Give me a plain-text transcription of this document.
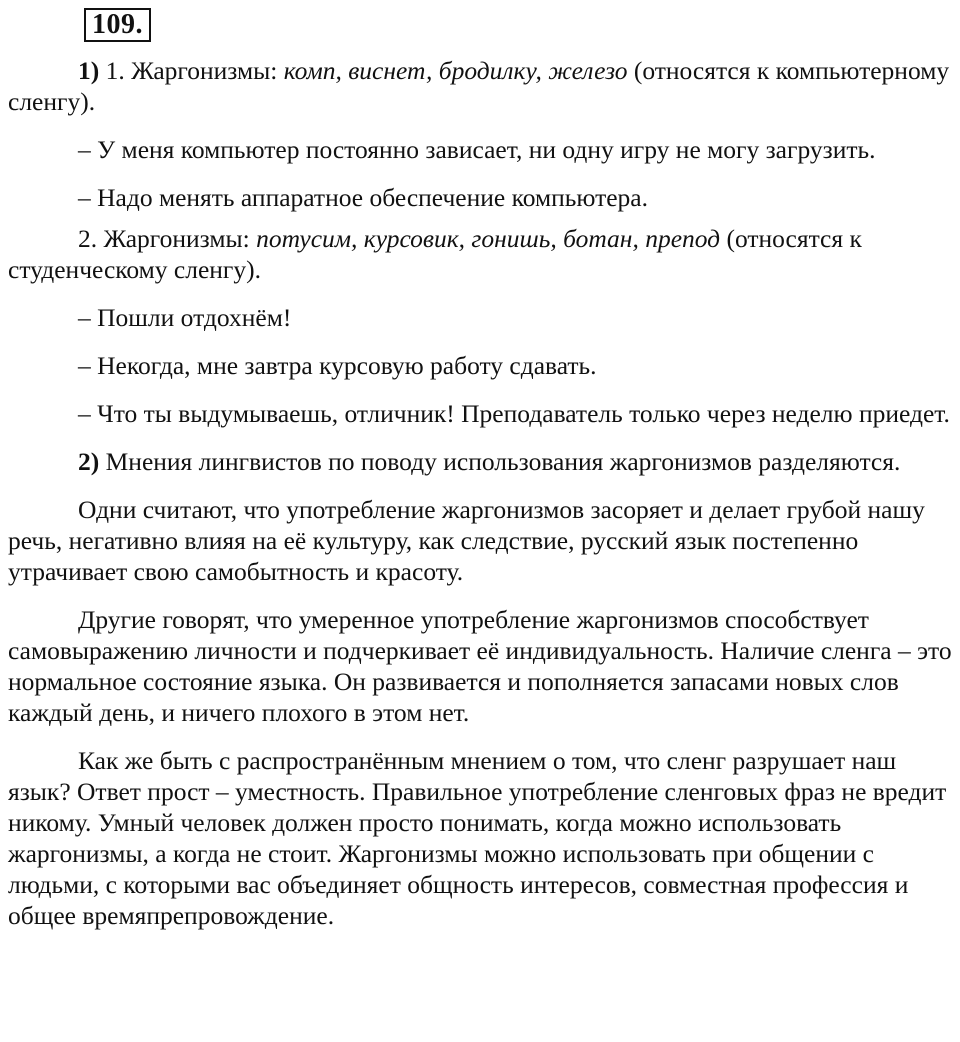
109.

1) 1. Жаргонизмы: комп, виснет, бродилку, железо (относятся к компьютерному сленгу).

– У меня компьютер постоянно зависает, ни одну игру не могу загрузить.

– Надо менять аппаратное обеспечение компьютера.

2. Жаргонизмы: потусим, курсовик, гонишь, ботан, препод (относятся к студенческому сленгу).

– Пошли отдохнём!

– Некогда, мне завтра курсовую работу сдавать.

– Что ты выдумываешь, отличник! Преподаватель только через неделю приедет.

2) Мнения лингвистов по поводу использования жаргонизмов разделяются.

Одни считают, что употребление жаргонизмов засоряет и делает грубой нашу речь, негативно влияя на её культуру, как следствие, русский язык постепенно утрачивает свою самобытность и красоту.

Другие говорят, что умеренное употребление жаргонизмов способствует самовыражению личности и подчеркивает её индивидуальность. Наличие сленга – это нормальное состояние языка. Он развивается и пополняется запасами новых слов каждый день, и ничего плохого в этом нет.

Как же быть с распространённым мнением о том, что сленг разрушает наш язык? Ответ прост – уместность. Правильное употребление сленговых фраз не вредит никому. Умный человек должен просто понимать, когда можно использовать жаргонизмы, а когда не стоит. Жаргонизмы можно использовать при общении с людьми, с которыми вас объединяет общность интересов, совместная профессия и общее времяпрепровождение.
